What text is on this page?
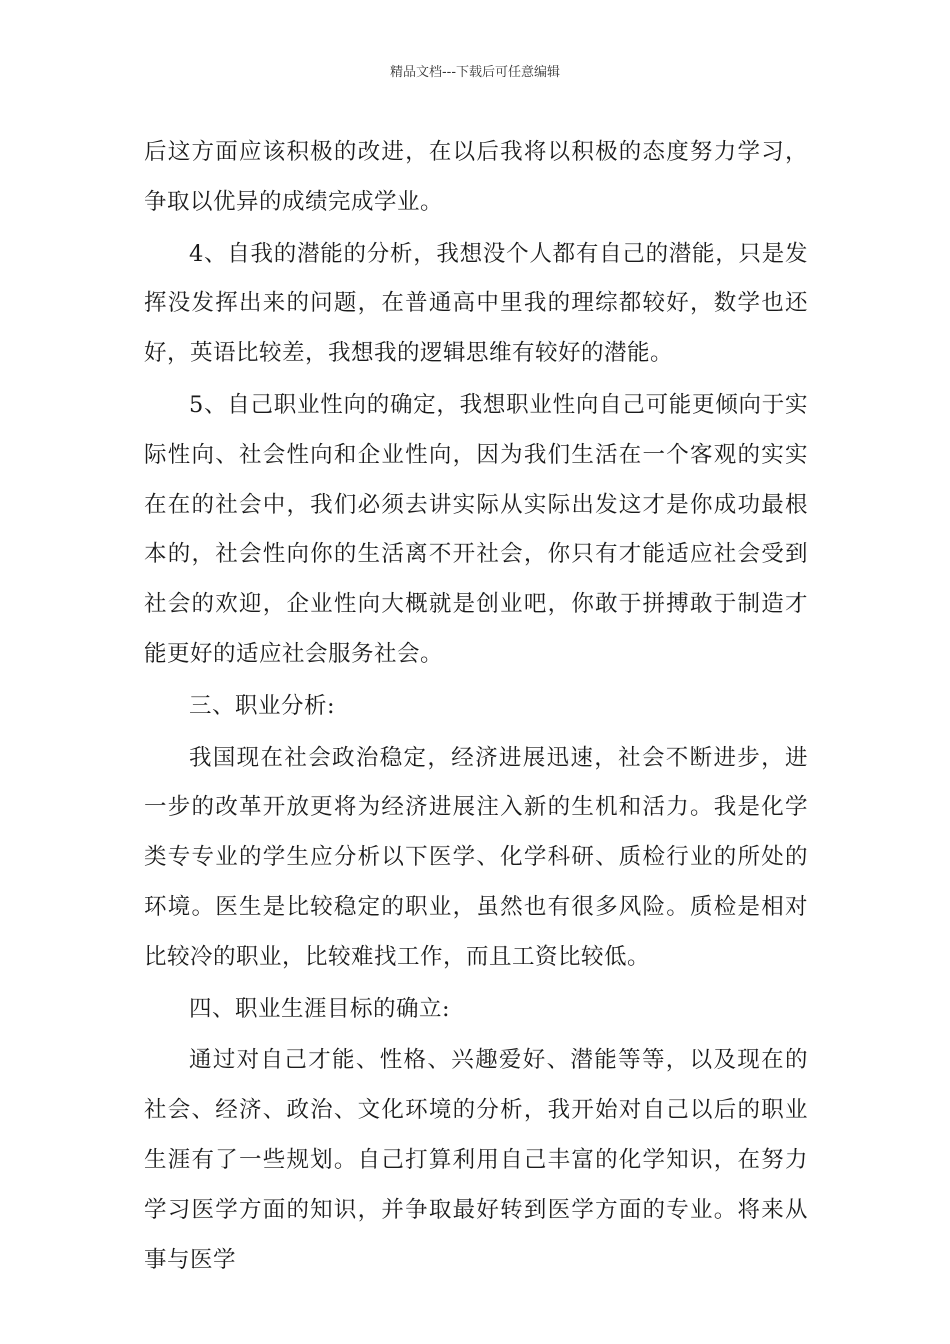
精品文档---下载后可任意编辑

后这方面应该积极的改进，在以后我将以积极的态度努力学习，争取以优异的成绩完成学业。

4、自我的潜能的分析，我想没个人都有自己的潜能，只是发挥没发挥出来的问题，在普通高中里我的理综都较好，数学也还好，英语比较差，我想我的逻辑思维有较好的潜能。

5、自己职业性向的确定，我想职业性向自己可能更倾向于实际性向、社会性向和企业性向，因为我们生活在一个客观的实实在在的社会中，我们必须去讲实际从实际出发这才是你成功最根本的，社会性向你的生活离不开社会，你只有才能适应社会受到社会的欢迎，企业性向大概就是创业吧，你敢于拼搏敢于制造才能更好的适应社会服务社会。

三、职业分析:

我国现在社会政治稳定，经济进展迅速，社会不断进步，进一步的改革开放更将为经济进展注入新的生机和活力。我是化学类专专业的学生应分析以下医学、化学科研、质检行业的所处的环境。医生是比较稳定的职业，虽然也有很多风险。质检是相对比较冷的职业，比较难找工作，而且工资比较低。

四、职业生涯目标的确立:

通过对自己才能、性格、兴趣爱好、潜能等等，以及现在的社会、经济、政治、文化环境的分析，我开始对自己以后的职业生涯有了一些规划。自己打算利用自己丰富的化学知识，在努力学习医学方面的知识，并争取最好转到医学方面的专业。将来从事与医学
